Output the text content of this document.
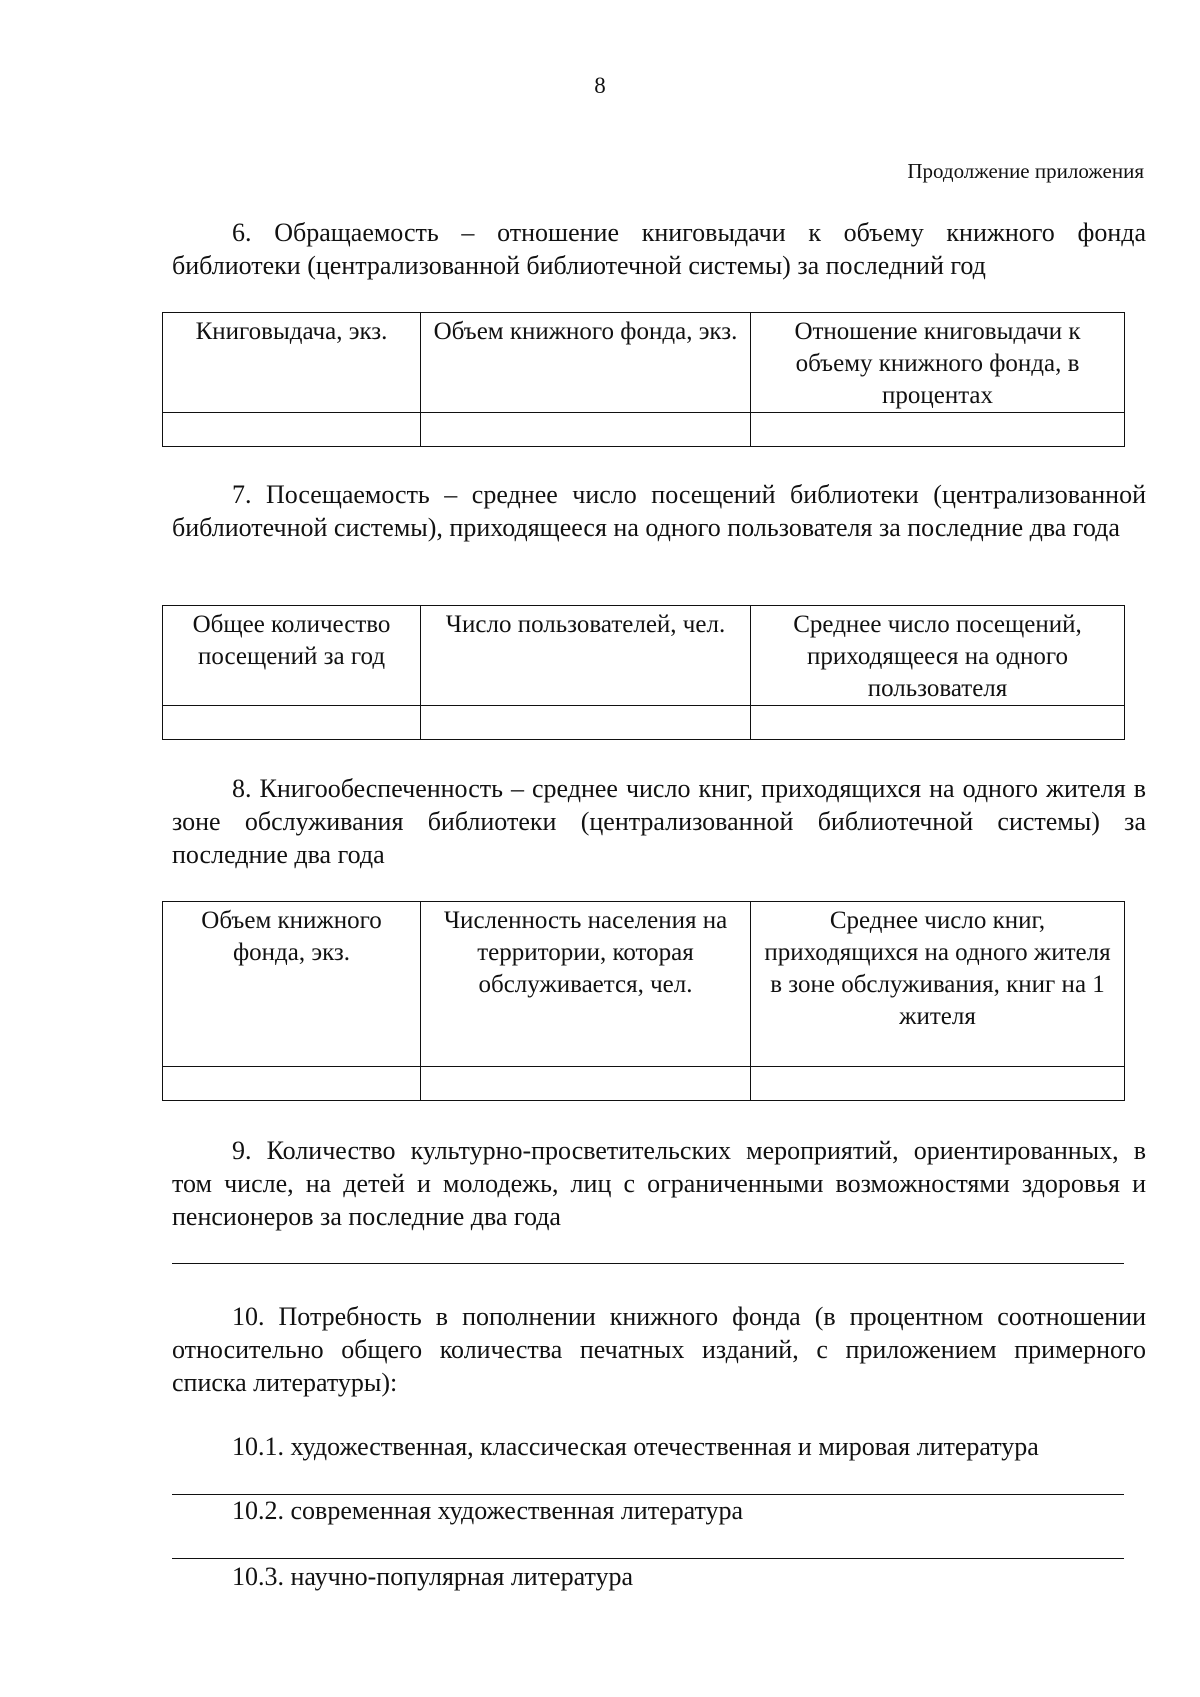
8
Продолжение приложения

6. Обращаемость – отношение книговыдачи к объему книжного фонда библиотеки (централизованной библиотечной системы) за последний год

Книговыдача, экз.	Объем книжного фонда, экз.	Отношение книговыдачи к объему книжного фонда, в процентах

7. Посещаемость – среднее число посещений библиотеки (централизованной библиотечной системы), приходящееся на одного пользователя за последние два года

Общее количество посещений за год	Число пользователей, чел.	Среднее число посещений, приходящееся на одного пользователя

8. Книгообеспеченность – среднее число книг, приходящихся на одного жителя в зоне обслуживания библиотеки (централизованной библиотечной системы) за последние два года

Объем книжного фонда, экз.	Численность населения на территории, которая обслуживается, чел.	Среднее число книг, приходящихся на одного жителя в зоне обслуживания, книг на 1 жителя

9. Количество культурно-просветительских мероприятий, ориентированных, в том числе, на детей и молодежь, лиц с ограниченными возможностями здоровья и пенсионеров за последние два года

10. Потребность в пополнении книжного фонда (в процентном соотношении относительно общего количества печатных изданий, с приложением примерного списка литературы):

10.1. художественная, классическая отечественная и мировая литература
10.2. современная художественная литература
10.3. научно-популярная литература
